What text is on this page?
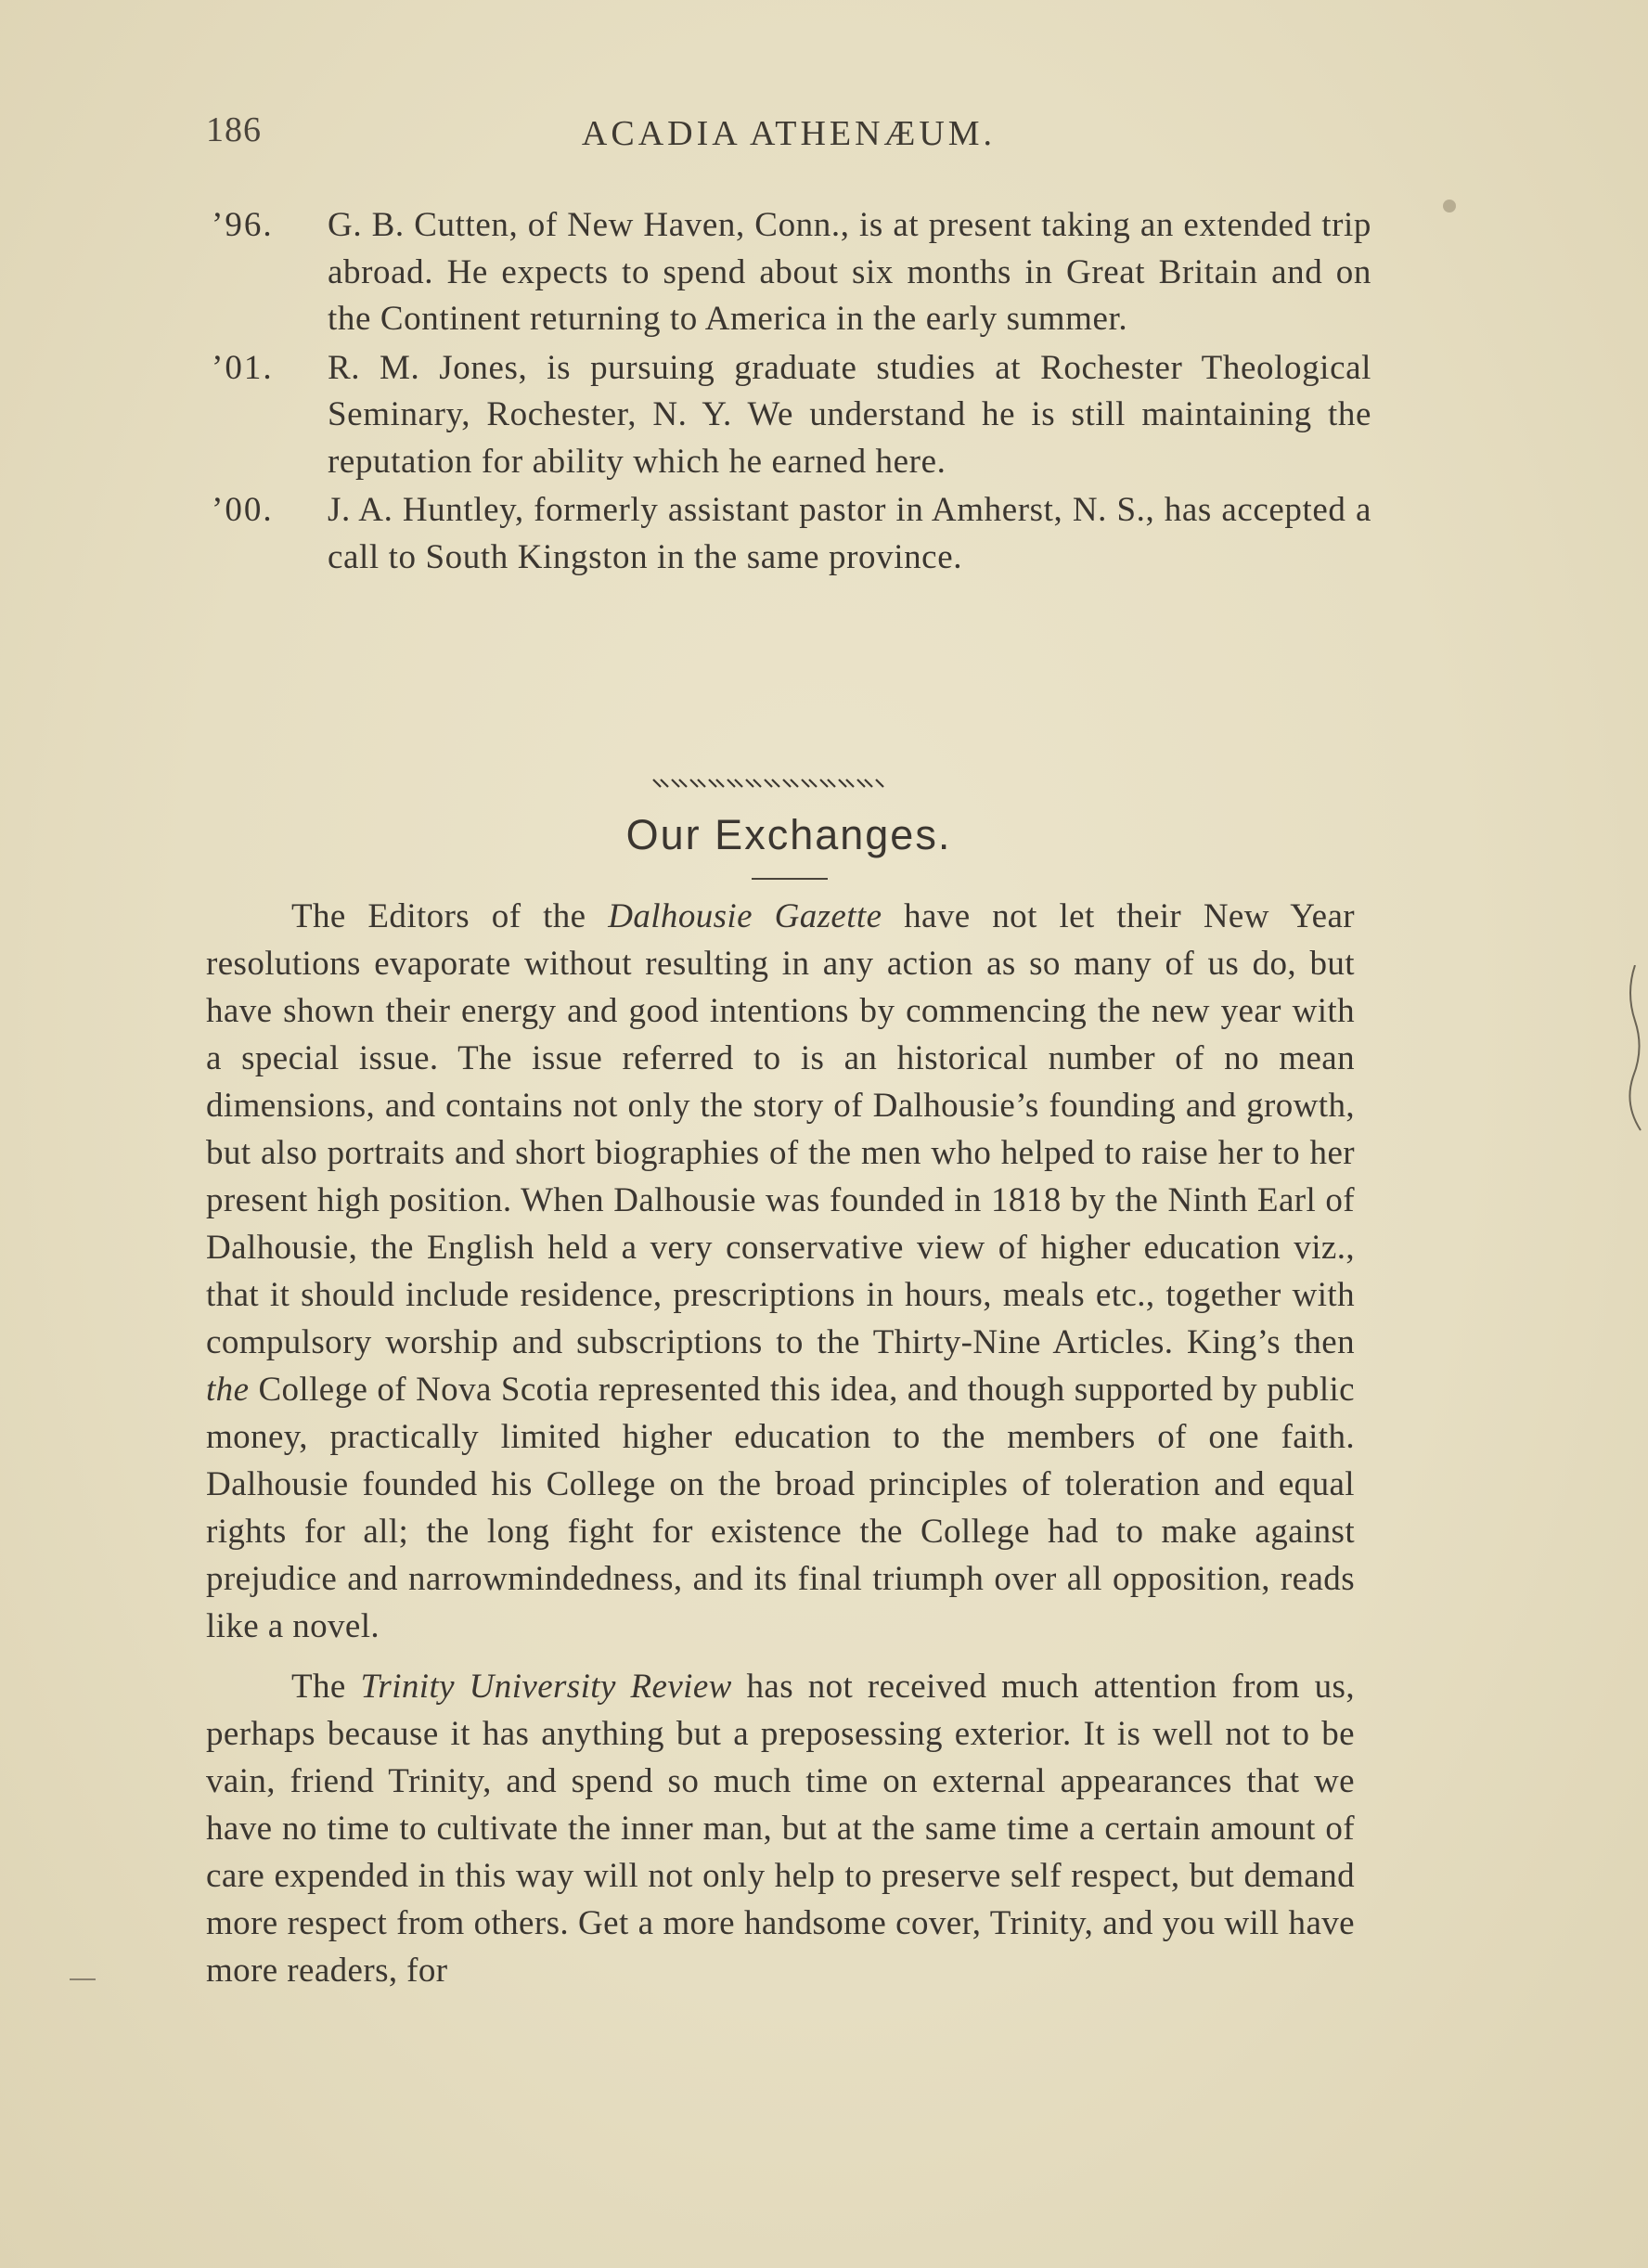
186	ACADIA ATHENÆUM.
’96.	G. B. Cutten, of New Haven, Conn., is at present taking an extended trip abroad. He expects to spend about six months in Great Britain and on the Continent returning to America in the early summer.
’01.	R. M. Jones, is pursuing graduate studies at Rochester Theological Seminary, Rochester, N. Y. We understand he is still maintaining the reputation for ability which he earned here.
’00.	J. A. Huntley, formerly assistant pastor in Amherst, N. S., has accepted a call to South Kingston in the same province.
Our Exchanges.

The Editors of the Dalhousie Gazette have not let their New Year resolutions evaporate without resulting in any action as so many of us do, but have shown their energy and good intentions by commencing the new year with a special issue. The issue referred to is an historical number of no mean dimensions, and contains not only the story of Dalhousie’s founding and growth, but also portraits and short biographies of the men who helped to raise her to her present high position. When Dalhousie was founded in 1818 by the Ninth Earl of Dalhousie, the English held a very conservative view of higher education viz., that it should include residence, prescriptions in hours, meals etc., together with compulsory worship and subscriptions to the Thirty-Nine Articles. King’s then the College of Nova Scotia represented this idea, and though supported by public money, practically limited higher education to the members of one faith. Dalhousie founded his College on the broad principles of toleration and equal rights for all; the long fight for existence the College had to make against prejudice and narrowmindedness, and its final triumph over all opposition, reads like a novel.

The Trinity University Review has not received much attention from us, perhaps because it has anything but a preposessing exterior. It is well not to be vain, friend Trinity, and spend so much time on external appearances that we have no time to cultivate the inner man, but at the same time a certain amount of care expended in this way will not only help to preserve self respect, but demand more respect from others. Get a more handsome cover, Trinity, and you will have more readers, for
